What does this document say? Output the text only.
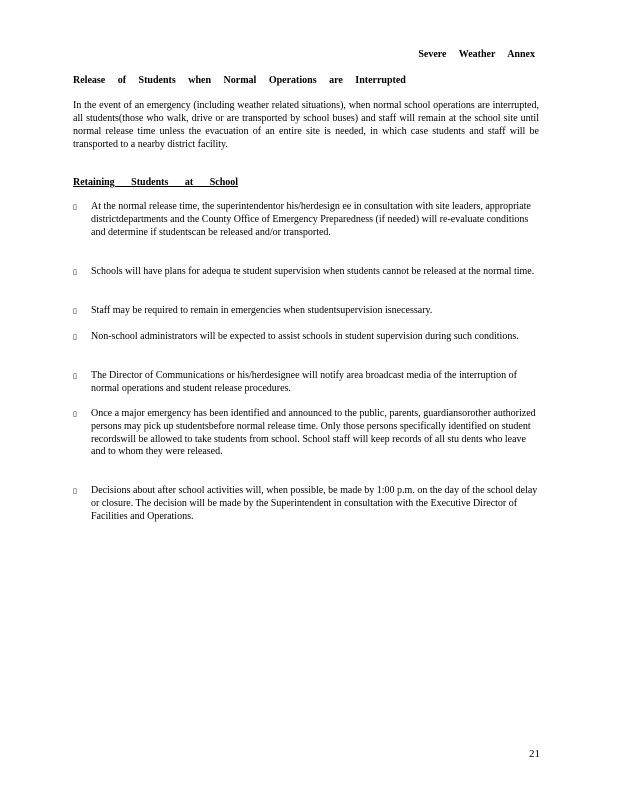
Severe Weather Annex
Release of Students when Normal Operations are Interrupted

In the event of an emergency (including weather related situations), when normal school operations are interrupted, all students(those who walk, drive or are transported by school buses) and staff will remain at the school site until normal release time unless the evacuation of an entire site is needed, in which case students and staff will be transported to a nearby district facility.

Retaining Students at School
▯ At the normal release time, the superintendentor his/herdesign ee in consultation with site leaders, appropriate districtdepartments and the County Office of Emergency Preparedness (if needed) will re-evaluate conditions and determine if studentscan be released and/or transported.
▯ Schools will have plans for adequa te student supervision when students cannot be released at the normal time.
▯ Staff may be required to remain in emergencies when studentsupervision isnecessary.
▯ Non-school administrators will be expected to assist schools in student supervision during such conditions.
▯ The Director of Communications or his/herdesignee will notify area broadcast media of the interruption of normal operations and student release procedures.
▯ Once a major emergency has been identified and announced to the public, parents, guardiansorother authorized persons may pick up studentsbefore normal release time. Only those persons specifically identified on student recordswill be allowed to take students from school. School staff will keep records of all stu dents who leave and to whom they were released.
▯ Decisions about after school activities will, when possible, be made by 1:00 p.m. on the day of the school delay or closure. The decision will be made by the Superintendent in consultation with the Executive Director of Facilities and Operations.
21
